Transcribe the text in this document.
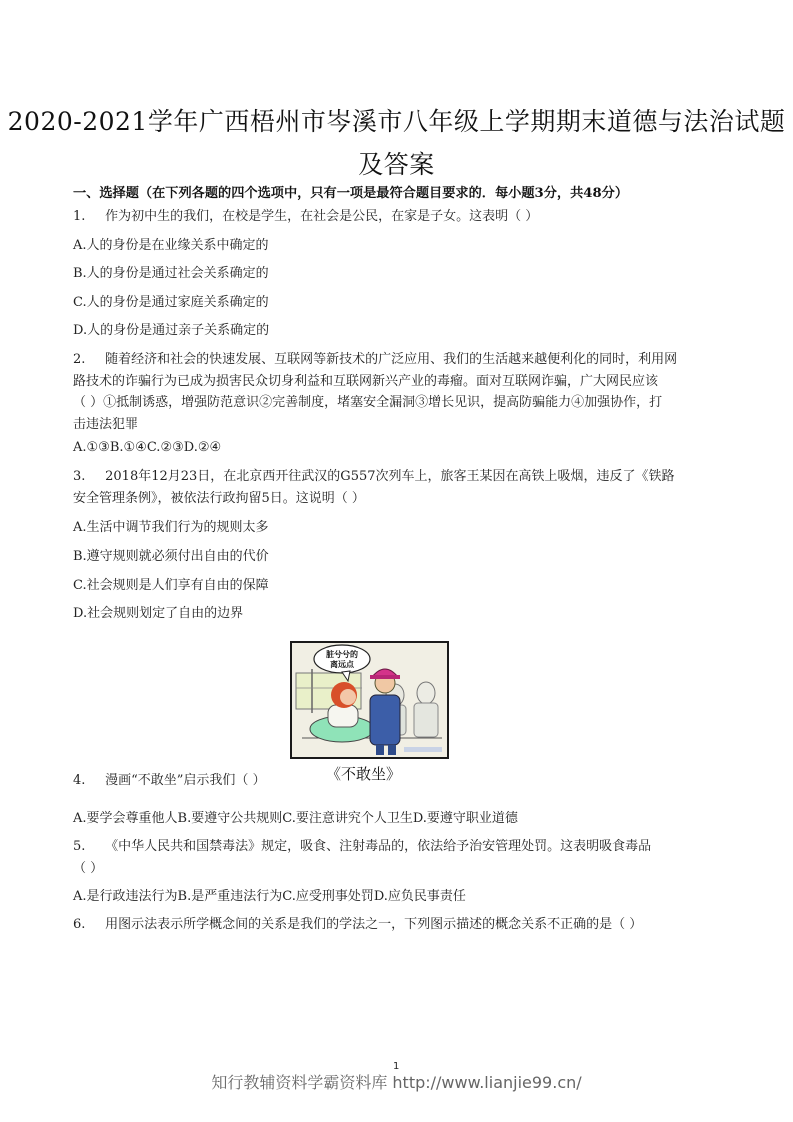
2020-2021学年广西梧州市岑溪市八年级上学期期末道德与法治试题
及答案
一、选择题（在下列各题的四个选项中，只有一项是最符合题目要求的．每小题3分，共48分）
1. 作为初中生的我们，在校是学生，在社会是公民，在家是子女。这表明（ ）
A.人的身份是在业缘关系中确定的
B.人的身份是通过社会关系确定的
C.人的身份是通过家庭关系确定的
D.人的身份是通过亲子关系确定的
2. 随着经济和社会的快速发展、互联网等新技术的广泛应用、我们的生活越来越便利化的同时，利用网
路技术的诈骗行为已成为损害民众切身利益和互联网新兴产业的毒瘤。面对互联网诈骗，广大网民应该
（ ）①抵制诱惑，增强防范意识②完善制度，堵塞安全漏洞③增长见识，提高防骗能力④加强协作，打
击违法犯罪
A.①③B.①④C.②③D.②④
3. 2018年12月23日，在北京西开往武汉的G557次列车上，旅客王某因在高铁上吸烟，违反了《铁路
安全管理条例》，被依法行政拘留5日。这说明（ ）
A.生活中调节我们行为的规则太多
B.遵守规则就必须付出自由的代价
C.社会规则是人们享有自由的保障
D.社会规则划定了自由的边界
脏兮兮的
离远点
《不敢坐》
4. 漫画“不敢坐”启示我们（ ）
A.要学会尊重他人B.要遵守公共规则C.要注意讲究个人卫生D.要遵守职业道德
5. 《中华人民共和国禁毒法》规定，吸食、注射毒品的，依法给予治安管理处罚。这表明吸食毒品
（ ）
A.是行政违法行为B.是严重违法行为C.应受刑事处罚D.应负民事责任
6. 用图示法表示所学概念间的关系是我们的学法之一，下列图示描述的概念关系不正确的是（ ）
1
知行教辅资料学霸资料库 http://www.lianjie99.cn/
